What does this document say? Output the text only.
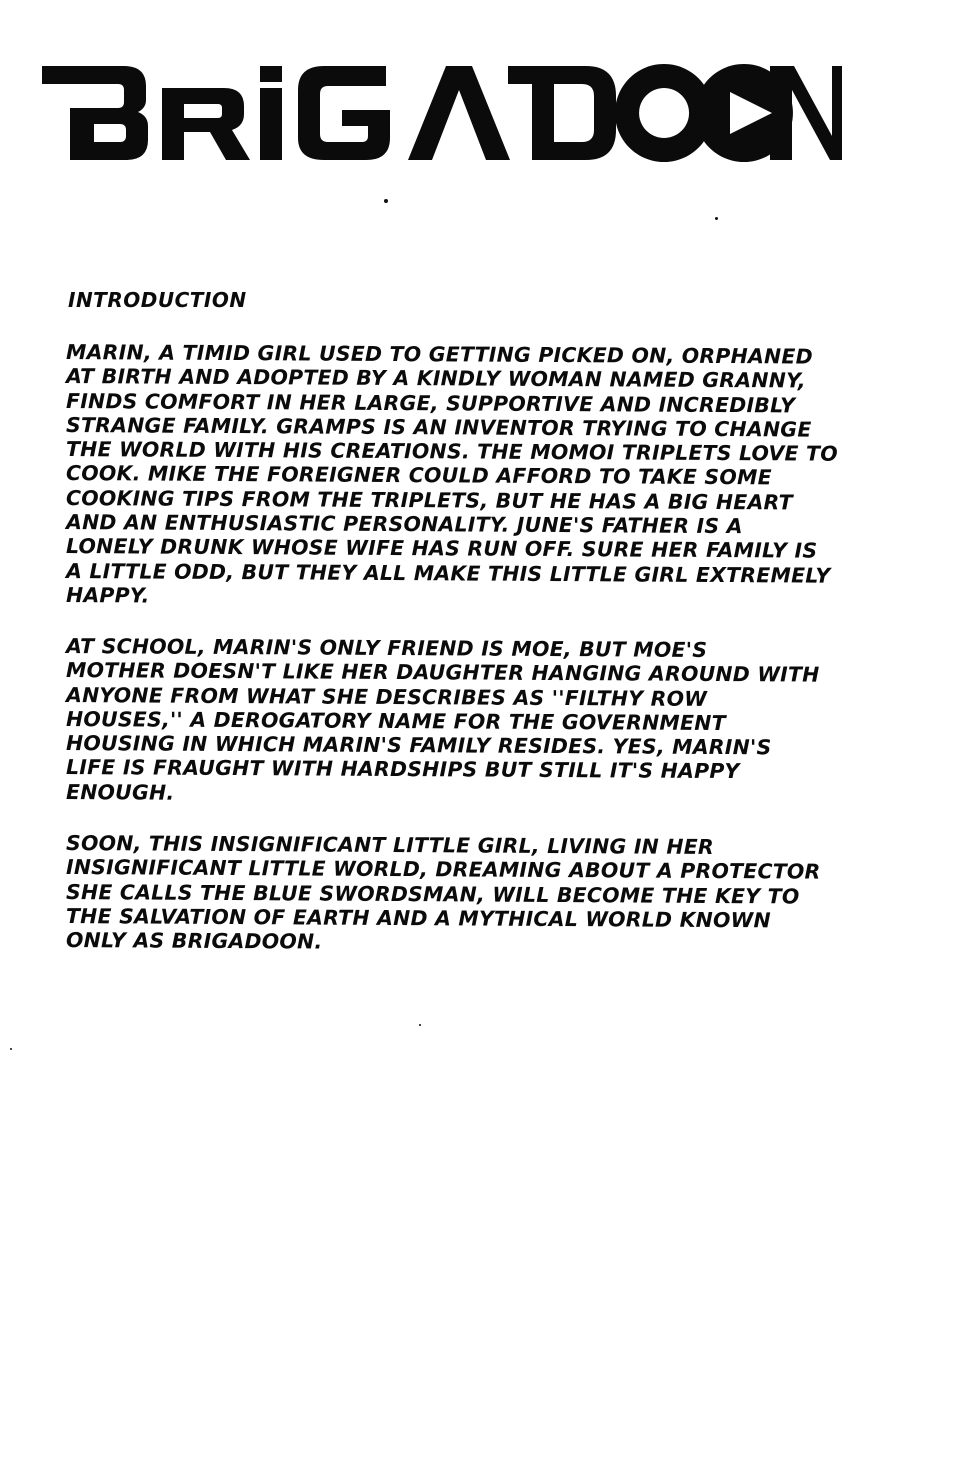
INTRODUCTION
MARIN, A TIMID GIRL USED TO GETTING PICKED ON, ORPHANED
AT BIRTH AND ADOPTED BY A KINDLY WOMAN NAMED GRANNY,
FINDS COMFORT IN HER LARGE, SUPPORTIVE AND INCREDIBLY
STRANGE FAMILY. GRAMPS IS AN INVENTOR TRYING TO CHANGE
THE WORLD WITH HIS CREATIONS. THE MOMOI TRIPLETS LOVE TO
COOK. MIKE THE FOREIGNER COULD AFFORD TO TAKE SOME
COOKING TIPS FROM THE TRIPLETS, BUT HE HAS A BIG HEART
AND AN ENTHUSIASTIC PERSONALITY. JUNE'S FATHER IS A
LONELY DRUNK WHOSE WIFE HAS RUN OFF. SURE HER FAMILY IS
A LITTLE ODD, BUT THEY ALL MAKE THIS LITTLE GIRL EXTREMELY
HAPPY.
AT SCHOOL, MARIN'S ONLY FRIEND IS MOE, BUT MOE'S
MOTHER DOESN'T LIKE HER DAUGHTER HANGING AROUND WITH
ANYONE FROM WHAT SHE DESCRIBES AS ''FILTHY ROW
HOUSES,'' A DEROGATORY NAME FOR THE GOVERNMENT
HOUSING IN WHICH MARIN'S FAMILY RESIDES. YES, MARIN'S
LIFE IS FRAUGHT WITH HARDSHIPS BUT STILL IT'S HAPPY
ENOUGH.
SOON, THIS INSIGNIFICANT LITTLE GIRL, LIVING IN HER
INSIGNIFICANT LITTLE WORLD, DREAMING ABOUT A PROTECTOR
SHE CALLS THE BLUE SWORDSMAN, WILL BECOME THE KEY TO
THE SALVATION OF EARTH AND A MYTHICAL WORLD KNOWN
ONLY AS BRIGADOON.
